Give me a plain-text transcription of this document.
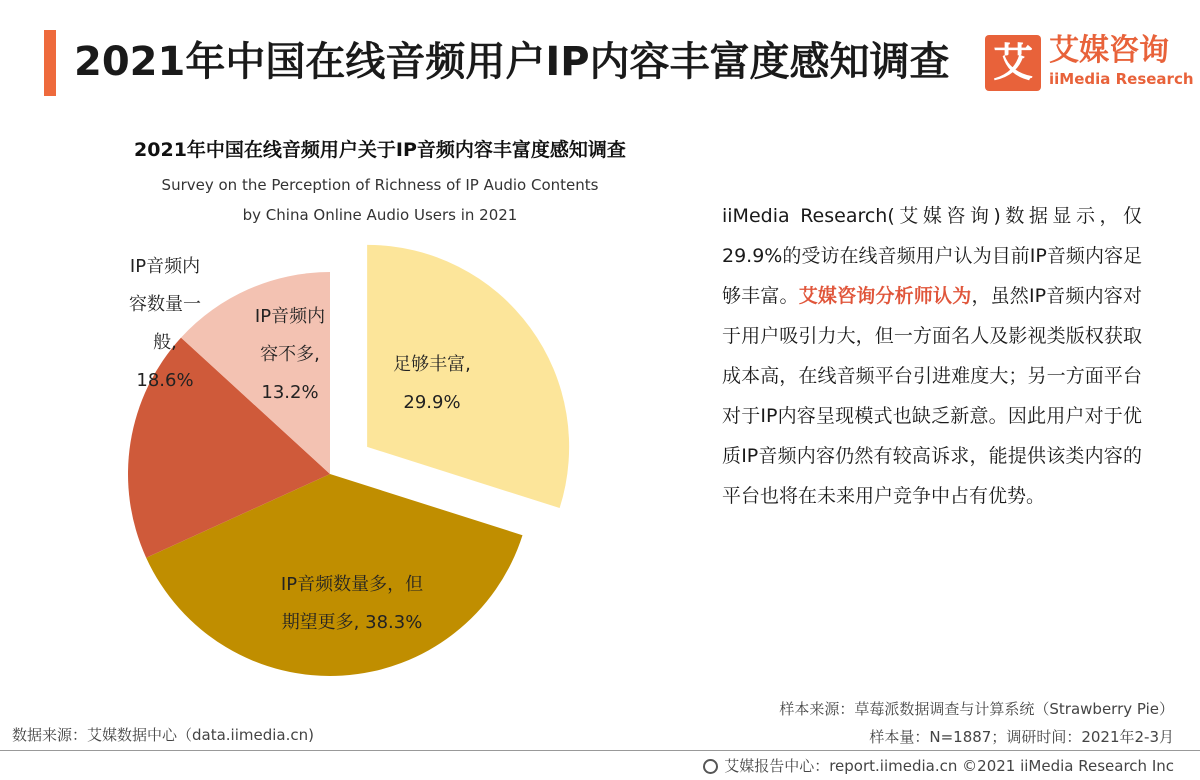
2021年中国在线音频用户IP内容丰富度感知调查 艾 艾媒咨询
iiMedia Research
2021年中国在线音频用户关于IP音频内容丰富度感知调查
Survey on the Perception of Richness of IP Audio Contents
by China Online Audio Users in 2021
足够丰富, 29.9%
IP音频数量多，但期望更多, 38.3%
IP音频内容数量一般, 18.6%
IP音频内容不多, 13.2%
iiMedia Research(艾媒咨询)数据显示，仅29.9%的受访在线音频用户认为目前IP音频内容足够丰富。艾媒咨询分析师认为，虽然IP音频内容对于用户吸引力大，但一方面名人及影视类版权获取成本高，在线音频平台引进难度大；另一方面平台对于IP内容呈现模式也缺乏新意。因此用户对于优质IP音频内容仍然有较高诉求，能提供该类内容的平台也将在未来用户竞争中占有优势。
数据来源：艾媒数据中心（data.iimedia.cn)
样本来源：草莓派数据调查与计算系统（Strawberry Pie）
样本量：N=1887；调研时间：2021年2-3月
艾媒报告中心：report.iimedia.cn ©2021 iiMedia Research Inc
